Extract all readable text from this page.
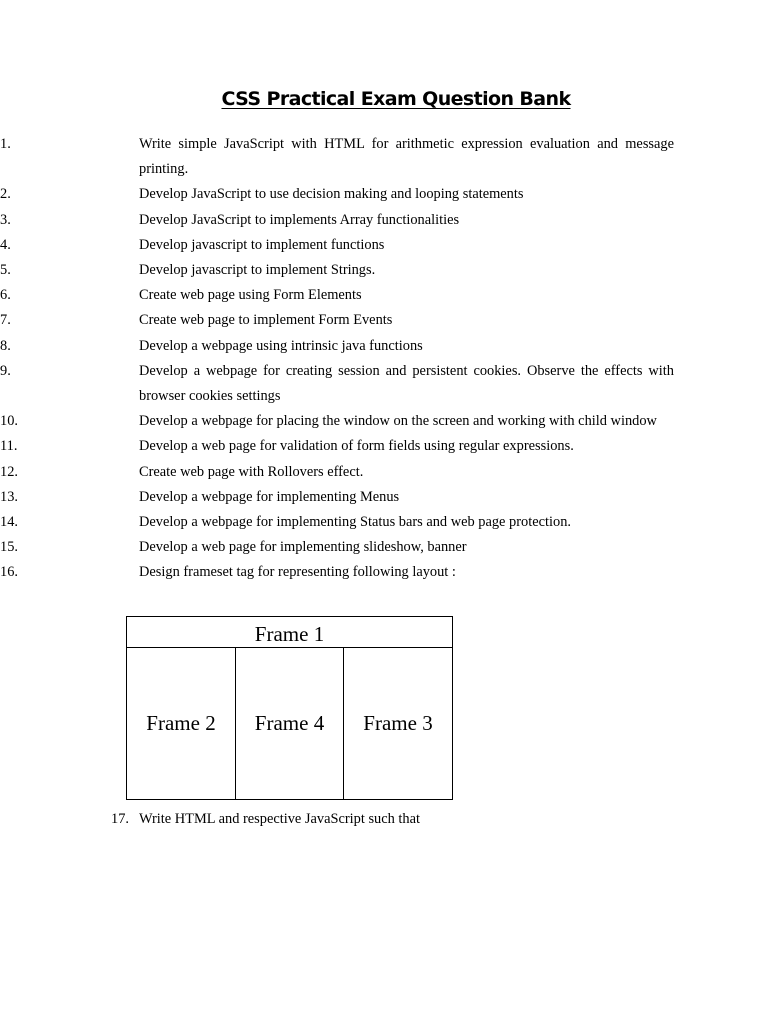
CSS Practical Exam Question Bank
1.	Write simple JavaScript with HTML for arithmetic expression evaluation and message printing.
2.	Develop JavaScript to use decision making and looping statements
3.	Develop JavaScript to implements Array functionalities
4.	Develop javascript to implement functions
5.	Develop javascript to implement Strings.
6.	Create web page using Form Elements
7.	Create web page to implement Form Events
8.	Develop a webpage using intrinsic java functions
9.	Develop a webpage for creating session and persistent cookies. Observe the effects with browser cookies settings
10.	Develop a webpage for placing the window on the screen and working with child window
11.	Develop a web page for validation of form fields using regular expressions.
12.	Create web page with Rollovers effect.
13.	Develop a webpage for implementing Menus
14.	Develop a webpage for implementing Status bars and web page protection.
15.	Develop a web page for implementing slideshow, banner
16.	Design frameset tag for representing following layout :
Frame 1
Frame 2 Frame 4 Frame 3
17. Write HTML and respective JavaScript such that
